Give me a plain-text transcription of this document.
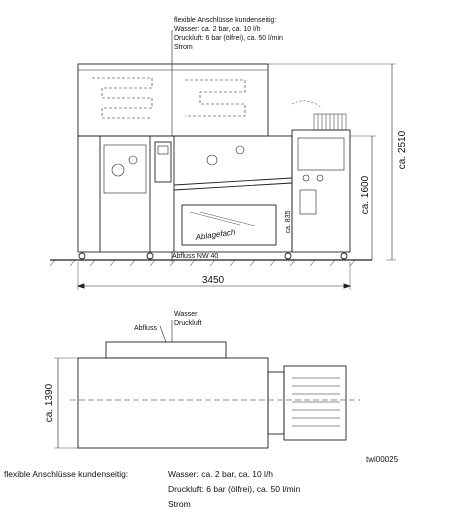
flexible Anschlüsse kundenseitig:
Wasser: ca. 2 bar, ca. 10 l/h
Druckluft: 6 bar (ölfrei), ca. 50 l/min
Strom
ca. 2510
ca. 1600
ca. 835
Ablagefach
Abfluss NW 40
3450
Wasser
Druckluft
Abfluss
ca. 1390
twi00025
flexible Anschlüsse kundenseitig:	Wasser: ca. 2 bar, ca. 10 l/h
Druckluft: 6 bar (ölfrei), ca. 50 l/min
Strom
